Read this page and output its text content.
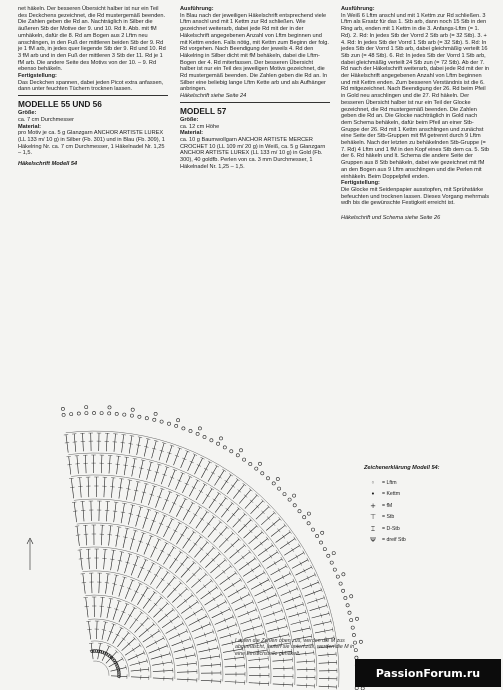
net häkeln. Der besseren Übersicht halber ist nur ein Teil des Deckchens gezeichnet, die Rd mustergemäß beenden. Die Zahlen geben die Rd an. Nachträglich in Silber die äußeren Stb der Motive der 9. und 10. Rd lt. Abb. mit fM umhäkeln, dafür die 8. Rd am Bogen aus 2 Lftm neu anschlingen, in den Fuß der mittleren beiden Stb der 9. Rd je 1 fM arb, in jedes quer liegende Stb der 9. Rd und 10. Rd 3 fM arb und in den Fuß der mittleren 3 Stb der 11. Rd je 1 fM arb. Die andere Seite des Motivs von der 10. – 9. Rd ebenso behäkeln.

Fertigstellung:

Das Deckchen spannen, dabei jeden Picot extra anfassen, dann unter feuchten Tüchern trocknen lassen.

MODELLE 55 UND 56

Größe:

ca. 7 cm Durchmesser

Material:

pro Motiv je ca. 5 g Glanzgarn ANCHOR ARTISTE LUREX (LL 133 m/ 10 g) in Silber (Fb. 301) und in Blau (Fb. 309), 1 Häkelring Nr. ca. 7 cm Durchmesser, 1 Häkelnadel Nr. 1,25 – 1,5.

Häkelschrift Modell 54

Ausführung:

In Blau nach der jeweiligen Häkelschrift entsprechend viele Lftm anschl und mit 1 Kettm zur Rd schließen. Wie gezeichnet weiterarb, dabei jede Rd mit der in der Häkelschrift angegebenen Anzahl von Lftm beginnen und mit Kettm enden. Falls nötig, mit Kettm zum Beginn der folg. Rd vorgehen. Nach Beendigung der jeweils 4. Rd den Häkelring in Silber dicht mit fM behäkeln, dabei die Lftm-Bogen der 4. Rd miterfassen. Der besseren Übersicht halber ist nur ein Teil des jeweiligen Motivs gezeichnet, die Rd mustergemäß beenden. Die Zahlen geben die Rd an. In Silber eine beliebig lange Lftm Kette arb und als Aufhänger anbringen.

Häkelschrift siehe Seite 24

MODELL 57

Größe:

ca. 12 cm Höhe

Material:

ca. 10 g Baumwollgarn ANCHOR ARTISTE MERCER CROCHET 10 (LL 109 m/ 20 g) in Weiß, ca. 5 g Glanzgarn ANCHOR ARTISTE LUREX (LL 133 m/ 10 g) in Gold (Fb. 300), 40 goldfb. Perlen von ca. 3 mm Durchmesser, 1 Häkelnadel Nr. 1,25 – 1,5.

Ausführung:

In Weiß 6 Lftm anschl und mit 1 Kettm zur Rd schließen. 3 Lftm als Ersatz für das 1. Stb arb, dann noch 15 Stb in den Ring arb, enden mit 1 Kettm in die 3. Anfangs-Lftm (= 1. Rd). 2. Rd: In jedes Stb der Vorrd 2 Stb arb (= 32 Stb). 3. + 4. Rd: In jedes Stb der Vorrd 1 Stb arb (= 32 Stb). 5. Rd: In jedes Stb der Vorrd 1 Stb arb, dabei gleichmäßig verteilt 16 Stb zun (= 48 Stb). 6. Rd: In jedes Stb der Vorrd 1 Stb arb, dabei gleichmäßig verteilt 24 Stb zun (= 72 Stb). Ab der 7. Rd nach der Häkelschrift weiterarb, dabei jede Rd mit der in der Häkelschrift angegebenen Anzahl von Lftm beginnen und mit Kettm enden. Zum besseren Verständnis ist die 6. Rd mitgezeichnet. Nach Beendigung der 26. Rd beim Pfeil in Gold neu anschlingen und die 27. Rd häkeln. Der besseren Übersicht halber ist nur ein Teil der Glocke gezeichnet, die Rd mustergemäß beenden. Die Zahlen geben die Rd an. Die Glocke nachträglich in Gold nach dem Schema behäkeln, dafür beim Pfeil an einer Stb-Gruppe der 26. Rd mit 1 Kettm anschlingen und zunächst eine Seite der Stb-Gruppen mit fM getrennt durch 9 Lftm behäkeln. Nach der letzten zu behäkelnden Stb-Gruppe (= 7. Rd) 4 Lftm und 1 fM in den Kopf eines Stb dem ca. 5. Stb der 6. Rd häkeln und lt. Schema die andere Seite der Gruppen aus 8 Stb behäkeln, dabei wie gezeichnet mit fM an den Bogen aus 9 Lftm anschlingen und die Perlen mit einhäkeln. Beim Doppelpfeil enden.

Fertigstellung:

Die Glocke mit Seidenpapier ausstopfen, mit Sprühstärke befeuchten und trocknen lassen. Dieses Vorgang mehrmals wdh bis die gewünschte Festigkeit erreicht ist.

Häkelschrift und Schema siehe Seite 26

Zeichenerklärung Modell 54:
◦	= Lftm
•	= Kettm
+	= fM
⊤	= Stb
⌶	= D-Stb
Ψ	= dreif Stb
Laufen die Zahlen oben zus, werden die M zus abgemascht, laufen sie unten zus, werden die M in eine Einstichstelle gehäkelt.
PassionForum.ru
